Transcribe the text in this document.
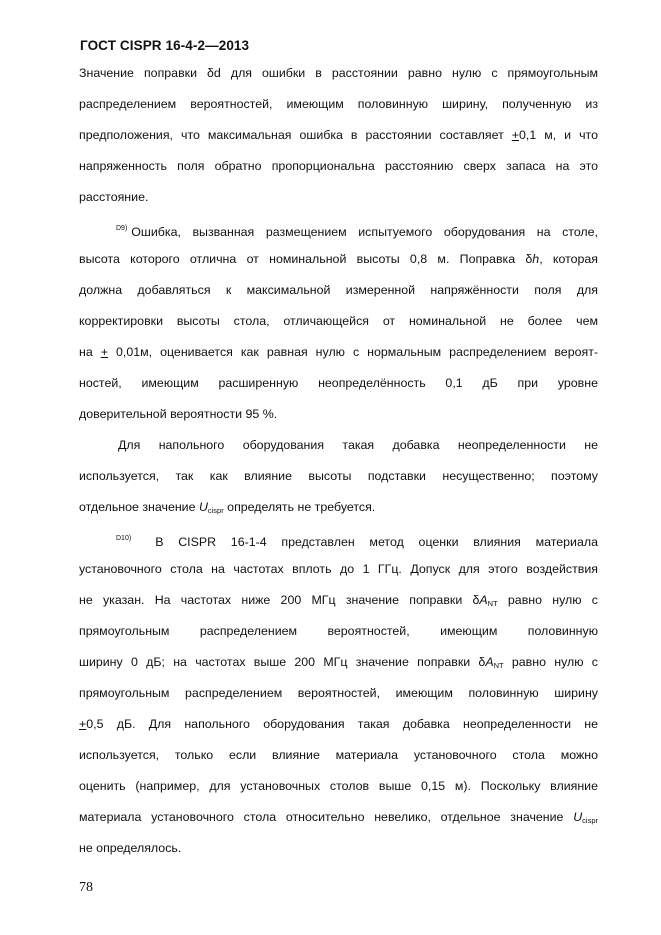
ГОСТ CISPR 16-4-2—2013
Значение поправки δd для ошибки в расстоянии равно нулю с прямоугольным
распределением вероятностей, имеющим половинную ширину, полученную из
предположения, что максимальная ошибка в расстоянии составляет +0,1 м, и что
напряженность поля обратно пропорциональна расстоянию сверх запаса на это
расстояние.
$^{D9)}$ Ошибка, вызванная размещением испытуемого оборудования на столе,
высота которого отлична от номинальной высоты 0,8 м. Поправка δh, которая
должна добавляться к максимальной измеренной напряжённости поля для
корректировки высоты стола, отличающейся от номинальной не более чем
на + 0,01м, оценивается как равная нулю с нормальным распределением вероят-
ностей, имеющим расширенную неопределённость 0,1 дБ при уровне
доверительной вероятности 95 %.
Для напольного оборудования такая добавка неопределенности не
используется, так как влияние высоты подставки несущественно; поэтому
отдельное значение $U_{cispr}$ определять не требуется.
$^{D10)}$ В CISPR 16-1-4 представлен метод оценки влияния материала
установочного стола на частотах вплоть до 1 ГГц. Допуск для этого воздействия
не указан. На частотах ниже 200 МГц значение поправки $\delta A_{NT}$ равно нулю с
прямоугольным распределением вероятностей, имеющим половинную
ширину 0 дБ; на частотах выше 200 МГц значение поправки $\delta A_{NT}$ равно нулю с
прямоугольным распределением вероятностей, имеющим половинную ширину
+0,5 дБ. Для напольного оборудования такая добавка неопределенности не
используется, только если влияние материала установочного стола можно
оценить (например, для установочных столов выше 0,15 м). Поскольку влияние
материала установочного стола относительно невелико, отдельное значение $U_{cispr}$
не определялось.
78
